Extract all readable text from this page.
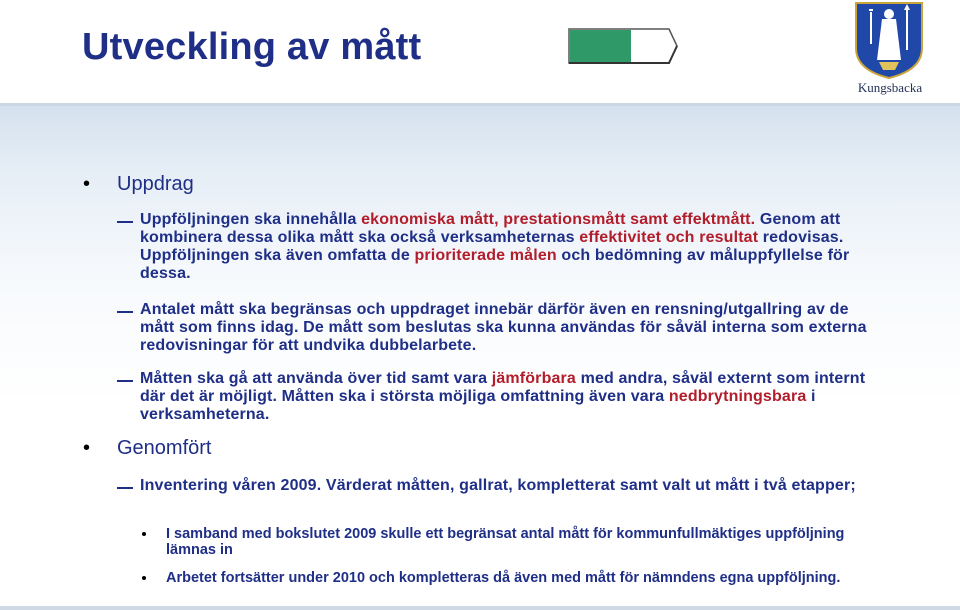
Utveckling av mått
Kungsbacka
• Uppdrag
Uppföljningen ska innehålla ekonomiska mått, prestationsmått samt effektmått. Genom att kombinera dessa olika mått ska också verksamheternas effektivitet och resultat redovisas. Uppföljningen ska även omfatta de prioriterade målen och bedömning av måluppfyllelse för dessa.
Antalet mått ska begränsas och uppdraget innebär därför även en rensning/utgallring av de mått som finns idag. De mått som beslutas ska kunna användas för såväl interna som externa redovisningar för att undvika dubbelarbete.
Måtten ska gå att använda över tid samt vara jämförbara med andra, såväl externt som internt där det är möjligt. Måtten ska i största möjliga omfattning även vara nedbrytningsbara i verksamheterna.
• Genomfört
Inventering våren 2009. Värderat måtten, gallrat, kompletterat samt valt ut mått i två etapper;
I samband med bokslutet 2009 skulle ett begränsat antal mått för kommunfullmäktiges uppföljning lämnas in
Arbetet fortsätter under 2010 och kompletteras då även med mått för nämndens egna uppföljning.
